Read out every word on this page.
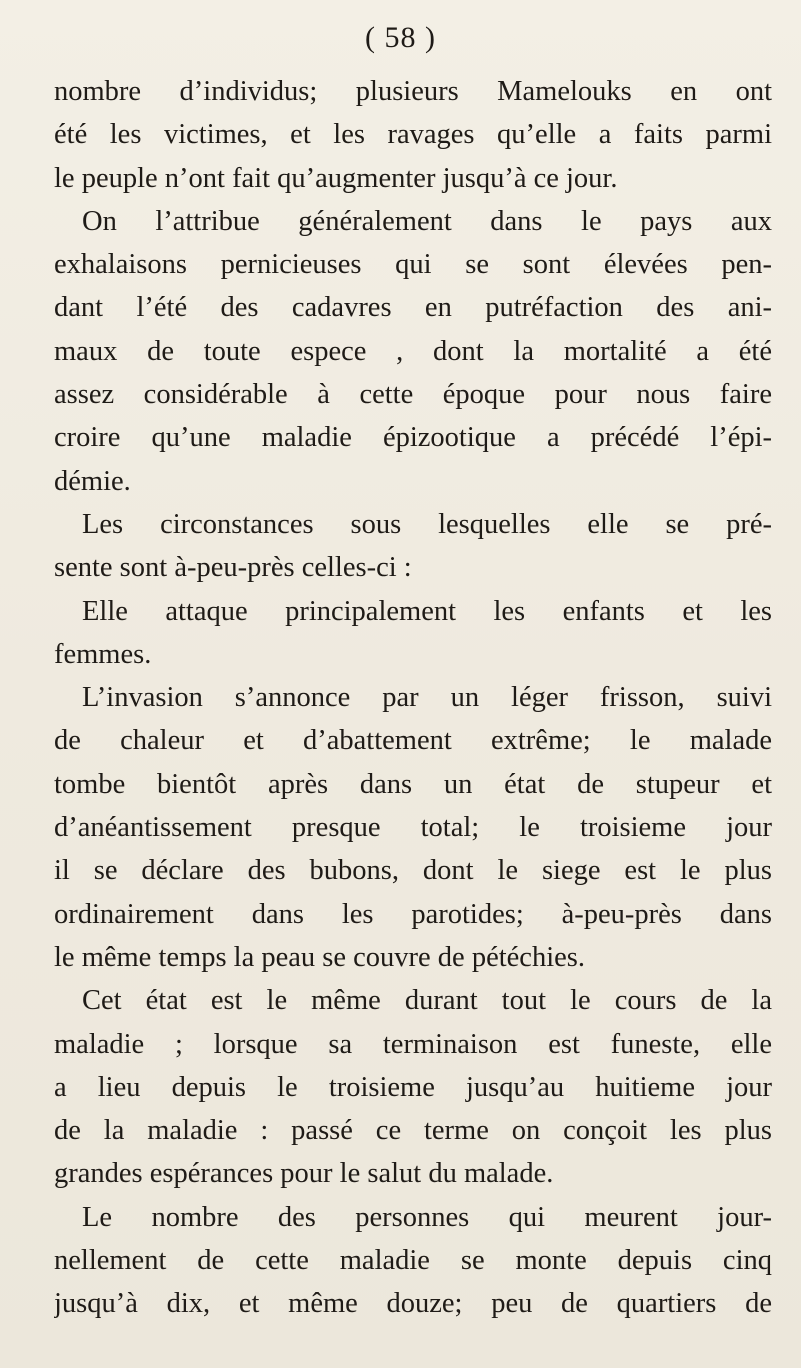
( 58 )
nombre d’individus; plusieurs Mamelouks en ont
été les victimes, et les ravages qu’elle a faits parmi
le peuple n’ont fait qu’augmenter jusqu’à ce jour.
On l’attribue généralement dans le pays aux
exhalaisons pernicieuses qui se sont élevées pen-
dant l’été des cadavres en putréfaction des ani-
maux de toute espece , dont la mortalité a été
assez considérable à cette époque pour nous faire
croire qu’une maladie épizootique a précédé l’épi-
démie.
Les circonstances sous lesquelles elle se pré-
sente sont à-peu-près celles-ci :
Elle attaque principalement les enfants et les
femmes.
L’invasion s’annonce par un léger frisson, suivi
de chaleur et d’abattement extrême; le malade
tombe bientôt après dans un état de stupeur et
d’anéantissement presque total; le troisieme jour
il se déclare des bubons, dont le siege est le plus
ordinairement dans les parotides; à-peu-près dans
le même temps la peau se couvre de pétéchies.
Cet état est le même durant tout le cours de la
maladie ; lorsque sa terminaison est funeste, elle
a lieu depuis le troisieme jusqu’au huitieme jour
de la maladie : passé ce terme on conçoit les plus
grandes espérances pour le salut du malade.
Le nombre des personnes qui meurent jour-
nellement de cette maladie se monte depuis cinq
jusqu’à dix, et même douze; peu de quartiers de
